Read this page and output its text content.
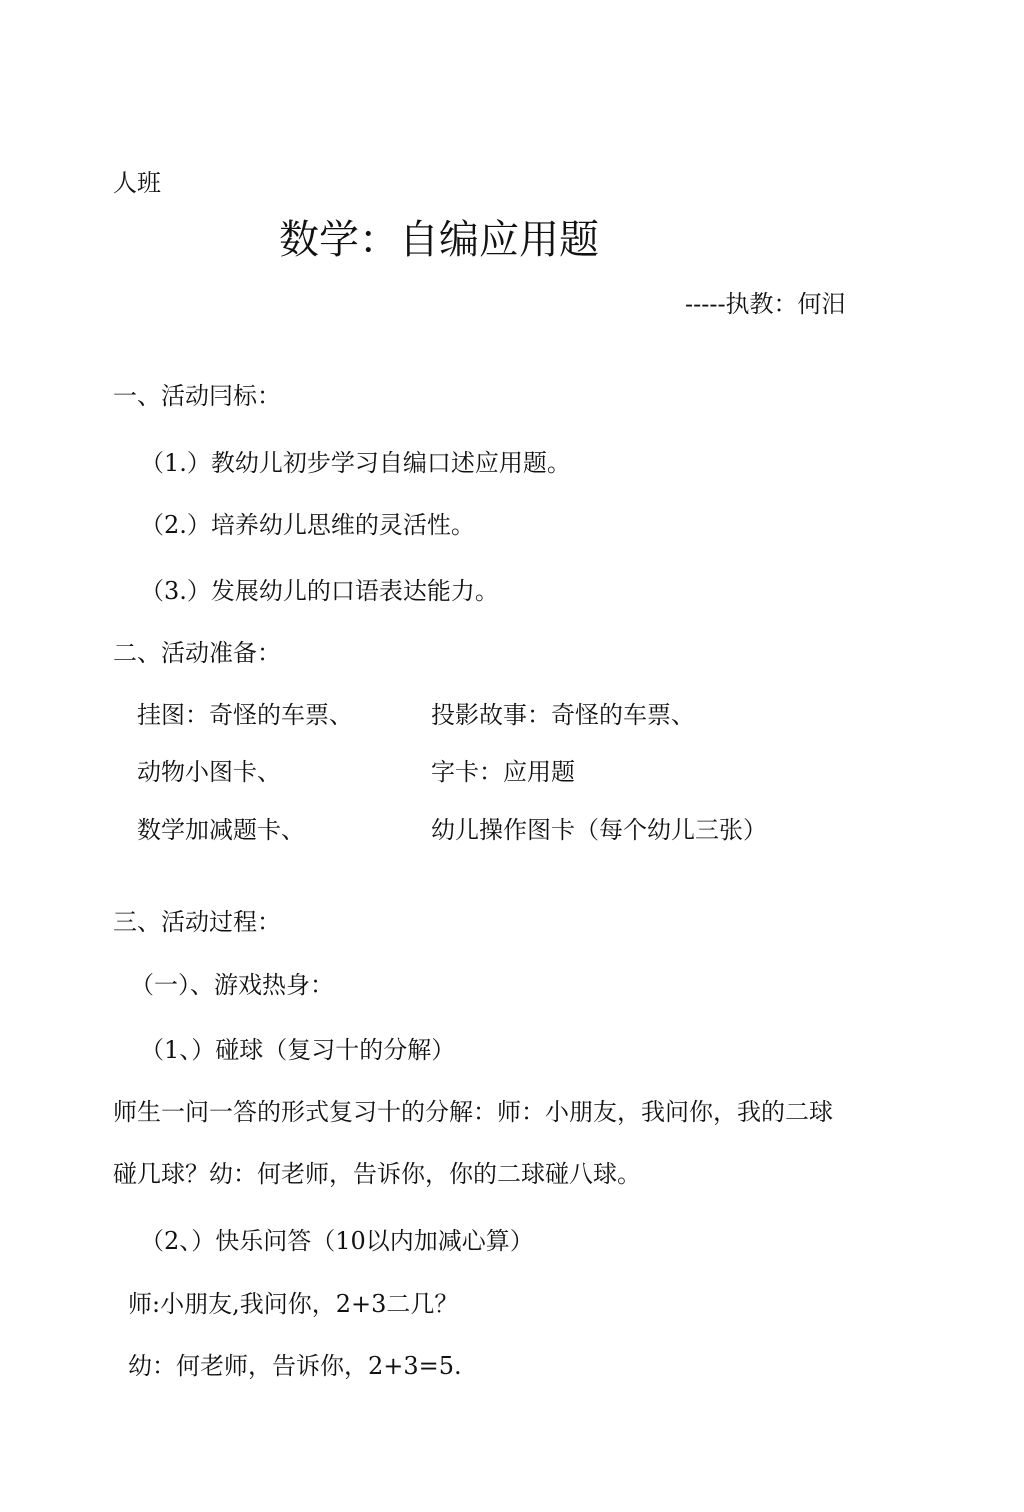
人班
数学：自编应用题
-----执教：何汨
一、活动冃标：
（1.）教幼儿初步学习自编口述应用题。
（2.）培养幼儿思维的灵活性。
（3.）发展幼儿的口语表达能力。
二、活动准备：
挂图：奇怪的车票、	投影故事：奇怪的车票、
动物小图卡、	字卡：应用题
数学加减题卡、	幼儿操作图卡（每个幼儿三张）
三、活动过程：
（一）、游戏热身：
（1、）碰球（复习十的分解）
师生一问一答的形式复习十的分解：师：小朋友，我问你，我的二球
碰几球？幼：何老师，告诉你，你的二球碰八球。
（2、）快乐问答（10以内加减心算）
师:小朋友,我问你，2+3二几？
幼：何老师，告诉你，2+3=5.
